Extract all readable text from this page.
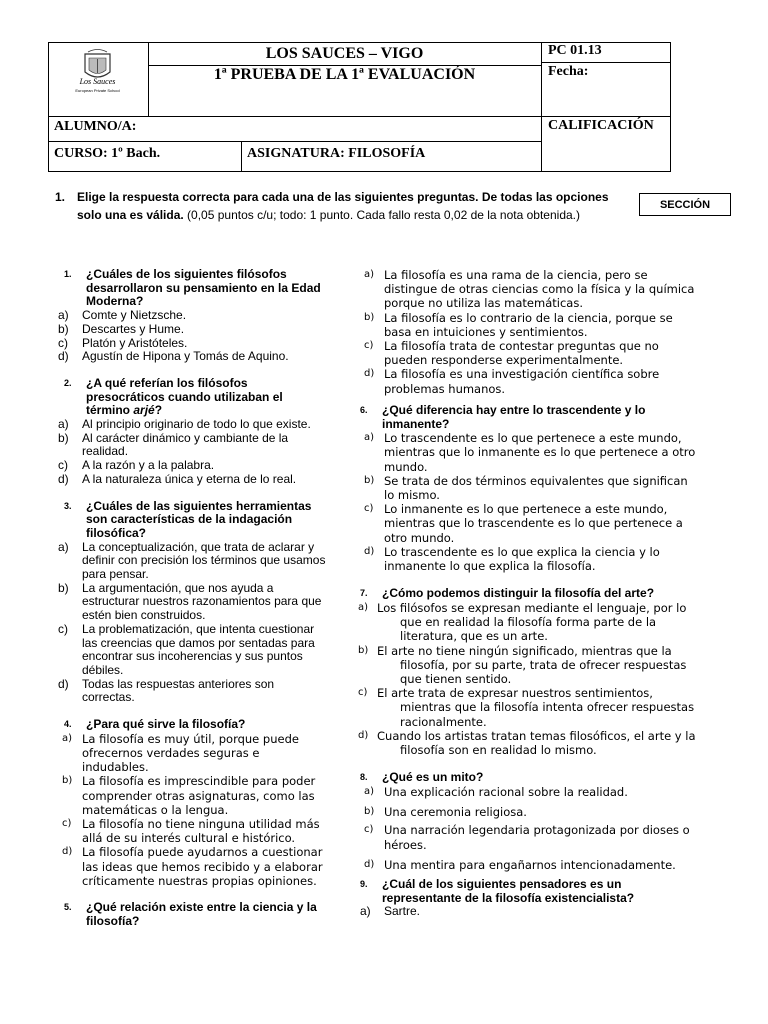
Los Sauces
European Private School
LOS SAUCES – VIGO
1ª PRUEBA DE LA 1ª EVALUACIÓN
PC 01.13
Fecha:
ALUMNO/A:	CALIFICACIÓN
CURSO: 1º Bach.	ASIGNATURA: FILOSOFÍA
1. Elige la respuesta correcta para cada una de las siguientes preguntas. De todas las opciones solo una es válida. (0,05 puntos c/u; todo: 1 punto. Cada fallo resta 0,02 de la nota obtenida.)
SECCIÓN
1. ¿Cuáles de los siguientes filósofos desarrollaron su pensamiento en la Edad Moderna?
a) Comte y Nietzsche.
b) Descartes y Hume.
c) Platón y Aristóteles.
d) Agustín de Hipona y Tomás de Aquino.
2. ¿A qué referían los filósofos presocráticos cuando utilizaban el término arjé?
a) Al principio originario de todo lo que existe.
b) Al carácter dinámico y cambiante de la realidad.
c) A la razón y a la palabra.
d) A la naturaleza única y eterna de lo real.
3. ¿Cuáles de las siguientes herramientas son características de la indagación filosófica?
a) La conceptualización, que trata de aclarar y definir con precisión los términos que usamos para pensar.
b) La argumentación, que nos ayuda a estructurar nuestros razonamientos para que estén bien construidos.
c) La problematización, que intenta cuestionar las creencias que damos por sentadas para encontrar sus incoherencias y sus puntos débiles.
d) Todas las respuestas anteriores son correctas.
4. ¿Para qué sirve la filosofía?
a) La filosofía es muy útil, porque puede ofrecernos verdades seguras e indudables.
b) La filosofía es imprescindible para poder comprender otras asignaturas, como las matemáticas o la lengua.
c) La filosofía no tiene ninguna utilidad más allá de su interés cultural e histórico.
d) La filosofía puede ayudarnos a cuestionar las ideas que hemos recibido y a elaborar críticamente nuestras propias opiniones.
5. ¿Qué relación existe entre la ciencia y la filosofía?
a) La filosofía es una rama de la ciencia, pero se distingue de otras ciencias como la física y la química porque no utiliza las matemáticas.
b) La filosofía es lo contrario de la ciencia, porque se basa en intuiciones y sentimientos.
c) La filosofía trata de contestar preguntas que no pueden responderse experimentalmente.
d) La filosofía es una investigación científica sobre problemas humanos.
6. ¿Qué diferencia hay entre lo trascendente y lo inmanente?
a) Lo trascendente es lo que pertenece a este mundo, mientras que lo inmanente es lo que pertenece a otro mundo.
b) Se trata de dos términos equivalentes que significan lo mismo.
c) Lo inmanente es lo que pertenece a este mundo, mientras que lo trascendente es lo que pertenece a otro mundo.
d) Lo trascendente es lo que explica la ciencia y lo inmanente lo que explica la filosofía.
7. ¿Cómo podemos distinguir la filosofía del arte?
a) Los filósofos se expresan mediante el lenguaje, por lo que en realidad la filosofía forma parte de la literatura, que es un arte.
b) El arte no tiene ningún significado, mientras que la filosofía, por su parte, trata de ofrecer respuestas que tienen sentido.
c) El arte trata de expresar nuestros sentimientos, mientras que la filosofía intenta ofrecer respuestas racionalmente.
d) Cuando los artistas tratan temas filosóficos, el arte y la filosofía son en realidad lo mismo.
8. ¿Qué es un mito?
a) Una explicación racional sobre la realidad.
b) Una ceremonia religiosa.
c) Una narración legendaria protagonizada por dioses o héroes.
d) Una mentira para engañarnos intencionadamente.
9. ¿Cuál de los siguientes pensadores es un representante de la filosofía existencialista?
a) Sartre.
